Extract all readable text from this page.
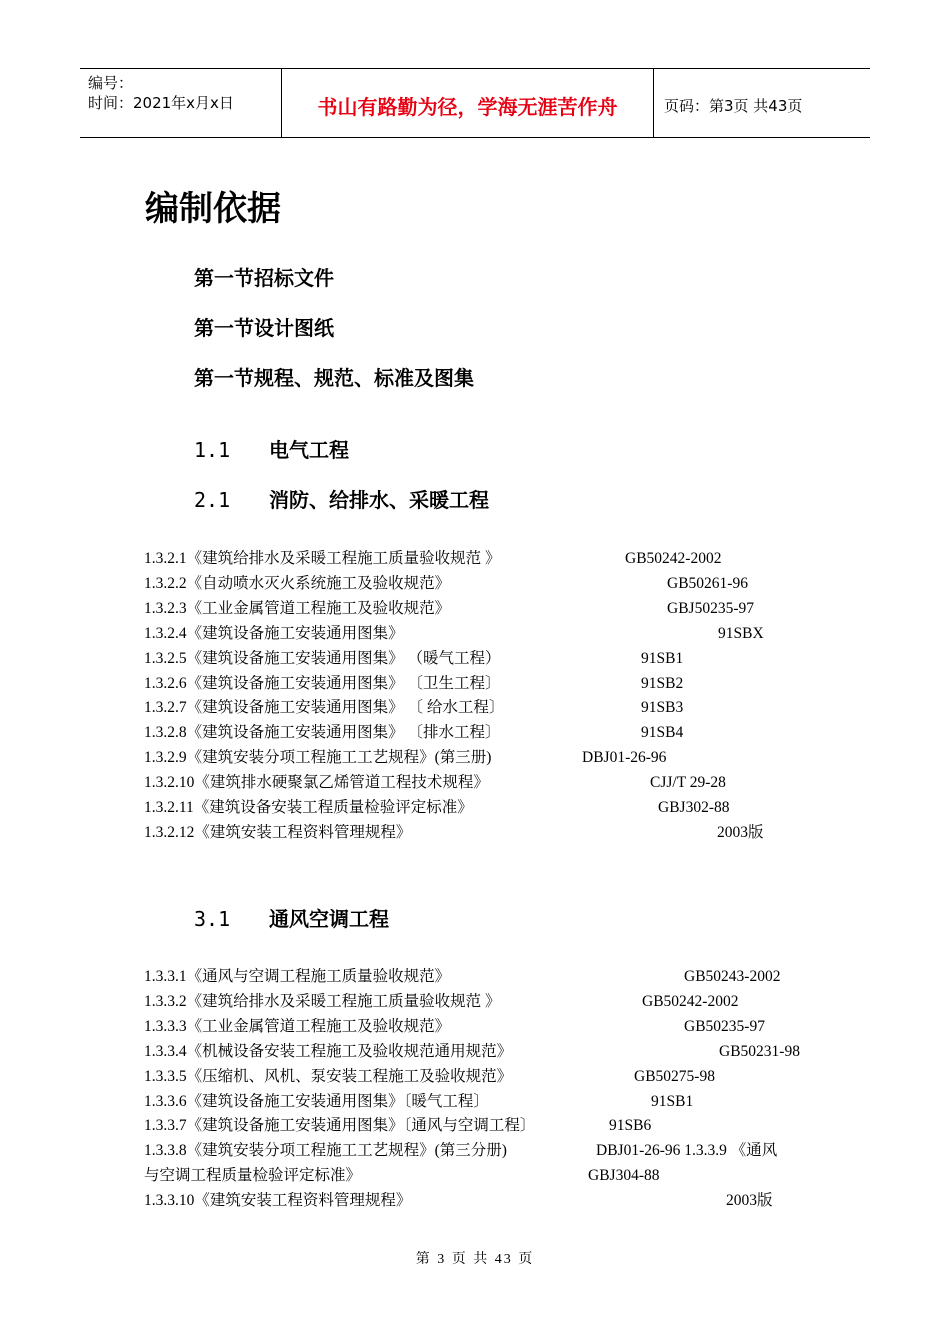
编号：
时间：2021年x月x日	书山有路勤为径，学海无涯苦作舟	页码：第3页 共43页
编制依据
第一节招标文件
第一节设计图纸
第一节规程、规范、标准及图集
1.1	电气工程
2.1	消防、给排水、采暖工程
1.3.2.1《建筑给排水及采暖工程施工质量验收规范 》	GB50242-2002
1.3.2.2《自动喷水灭火系统施工及验收规范》	GB50261-96
1.3.2.3《工业金属管道工程施工及验收规范》	GBJ50235-97
1.3.2.4《建筑设备施工安装通用图集》	91SBX
1.3.2.5《建筑设备施工安装通用图集》 （暖气工程）	91SB1
1.3.2.6《建筑设备施工安装通用图集》 〔卫生工程〕	91SB2
1.3.2.7《建筑设备施工安装通用图集》 〔 给水工程〕	91SB3
1.3.2.8《建筑设备施工安装通用图集》 〔排水工程〕	91SB4
1.3.2.9《建筑安装分项工程施工工艺规程》(第三册)	DBJ01-26-96
1.3.2.10《建筑排水硬聚氯乙烯管道工程技术规程》	CJJ/T 29-28
1.3.2.11《建筑设备安装工程质量检验评定标准》	GBJ302-88
1.3.2.12《建筑安装工程资料管理规程》	2003版
3.1	通风空调工程
1.3.3.1《通风与空调工程施工质量验收规范》	GB50243-2002
1.3.3.2《建筑给排水及采暖工程施工质量验收规范 》	GB50242-2002
1.3.3.3《工业金属管道工程施工及验收规范》	GB50235-97
1.3.3.4《机械设备安装工程施工及验收规范通用规范》	GB50231-98
1.3.3.5《压缩机、风机、泵安装工程施工及验收规范》	GB50275-98
1.3.3.6《建筑设备施工安装通用图集》〔暖气工程〕	91SB1
1.3.3.7《建筑设备施工安装通用图集》〔通风与空调工程〕	91SB6
1.3.3.8《建筑安装分项工程施工工艺规程》(第三分册)	DBJ01-26-96 1.3.3.9 《通风
与空调工程质量检验评定标准》	GBJ304-88
1.3.3.10《建筑安装工程资料管理规程》	2003版
第 3 页 共 43 页
